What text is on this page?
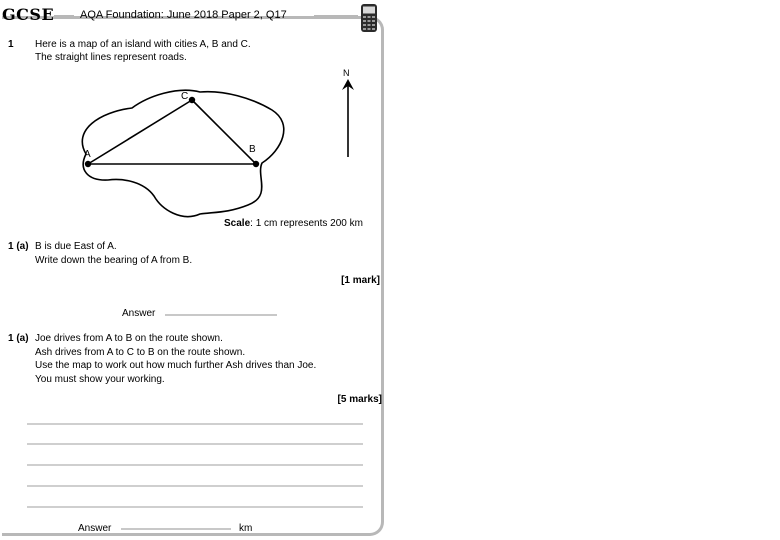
GCSE AQA Foundation: June 2018 Paper 2, Q17
1 Here is a map of an island with cities A, B and C.
The straight lines represent roads.
A	B
C
N
Scale: 1 cm represents 200 km
1 (a) B is due East of A.
Write down the bearing of A from B.
[1 mark]
Answer
1 (a) Joe drives from A to B on the route shown.
Ash drives from A to C to B on the route shown.
Use the map to work out how much further Ash drives than Joe.
You must show your working.
[5 marks]
Answer	km
